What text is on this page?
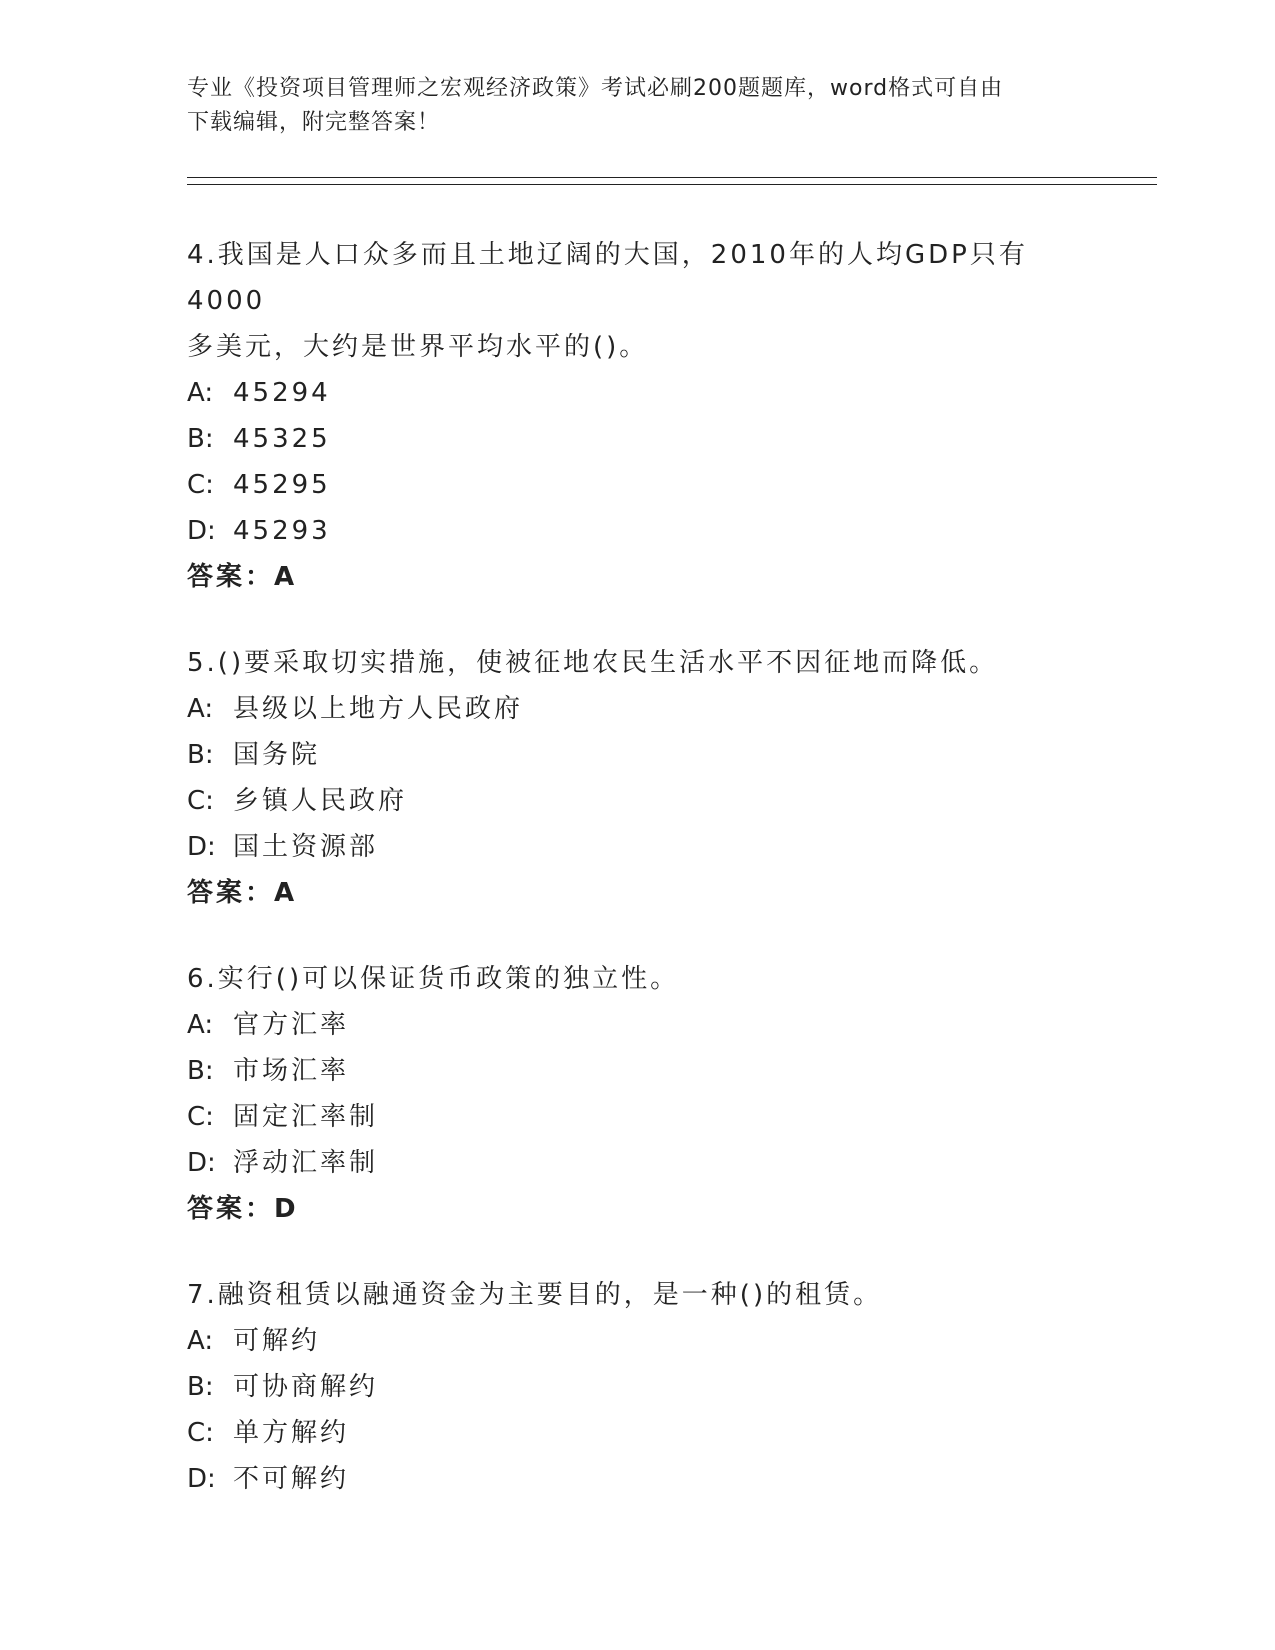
专业《投资项目管理师之宏观经济政策》考试必刷200题题库，word格式可自由
下载编辑，附完整答案！
4.我国是人口众多而且土地辽阔的大国，2010年的人均GDP只有4000
多美元，大约是世界平均水平的()。
A: 45294
B: 45325
C: 45295
D: 45293
答案：A
5.()要采取切实措施，使被征地农民生活水平不因征地而降低。
A: 县级以上地方人民政府
B: 国务院
C: 乡镇人民政府
D: 国土资源部
答案：A
6.实行()可以保证货币政策的独立性。
A: 官方汇率
B: 市场汇率
C: 固定汇率制
D: 浮动汇率制
答案：D
7.融资租赁以融通资金为主要目的，是一种()的租赁。
A: 可解约
B: 可协商解约
C: 单方解约
D: 不可解约
